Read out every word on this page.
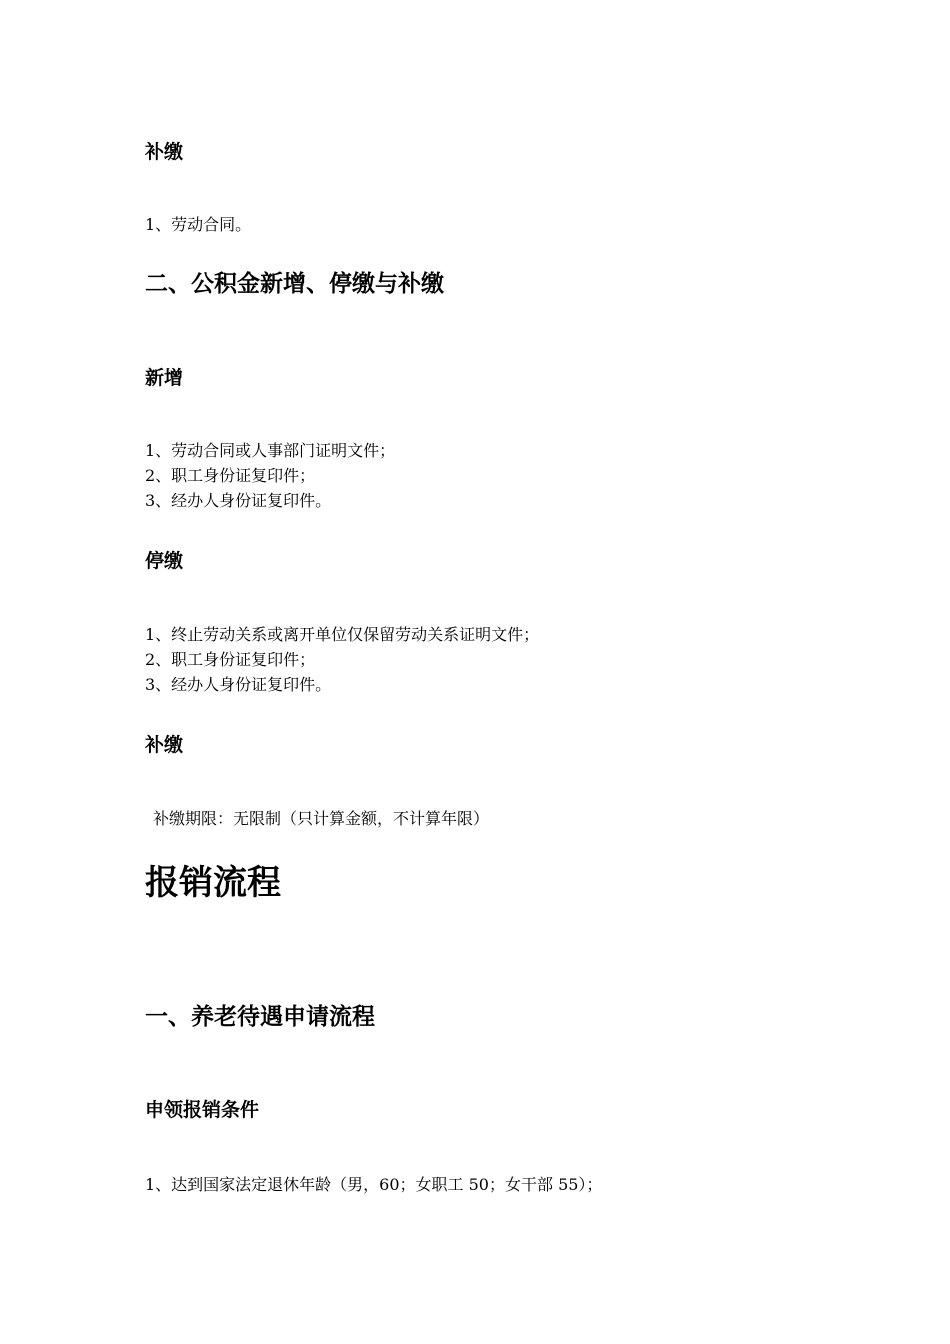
补缴
1、劳动合同。
二、公积金新增、停缴与补缴
新增
1、劳动合同或人事部门证明文件；
2、职工身份证复印件；
3、经办人身份证复印件。
停缴
1、终止劳动关系或离开单位仅保留劳动关系证明文件；
2、职工身份证复印件；
3、经办人身份证复印件。
补缴
补缴期限：无限制（只计算金额，不计算年限）
报销流程
一、养老待遇申请流程
申领报销条件
1、达到国家法定退休年龄（男，60；女职工 50；女干部 55）；
